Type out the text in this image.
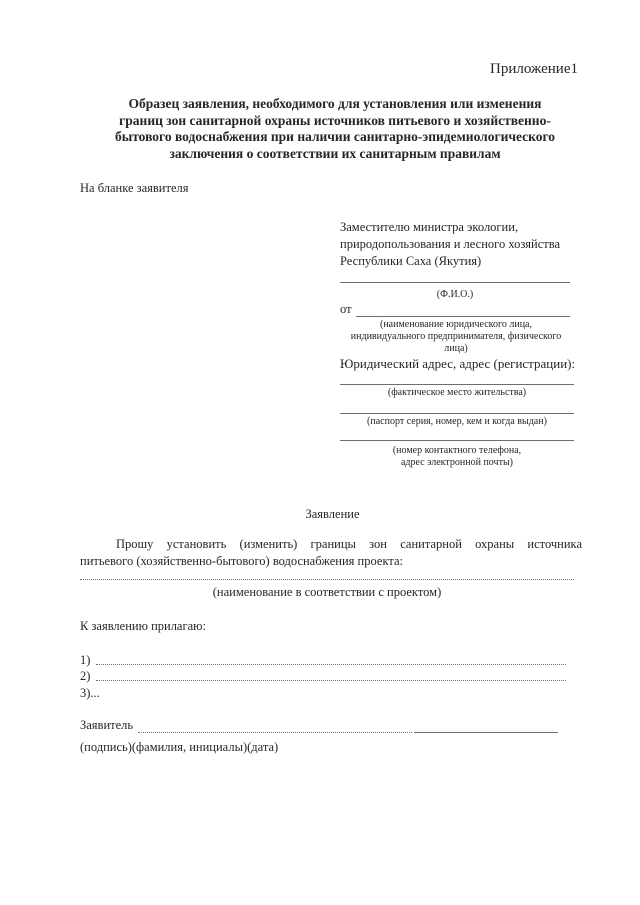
Приложение1
Образец заявления, необходимого для установления или изменения
границ зон санитарной охраны источников питьевого и хозяйственно-
бытового водоснабжения при наличии санитарно-эпидемиологического
заключения о соответствии их санитарным правилам
На бланке заявителя
Заместителю министра экологии,
природопользования и лесного хозяйства
Республики Саха (Якутия)
(Ф.И.О.)
от
(наименование юридического лица,
индивидуального предпринимателя, физического
лица)
Юридический адрес, адрес (регистрации):
(фактическое место жительства)
(паспорт серия, номер, кем и когда выдан)
(номер контактного телефона,
адрес электронной почты)
Заявление
Прошу установить (изменить) границы зон санитарной охраны источника
питьевого (хозяйственно-бытового) водоснабжения проекта:
(наименование в соответствии с проектом)
К заявлению прилагаю:
1)
2)
3)...
Заявитель
(подпись)(фамилия, инициалы)(дата)
